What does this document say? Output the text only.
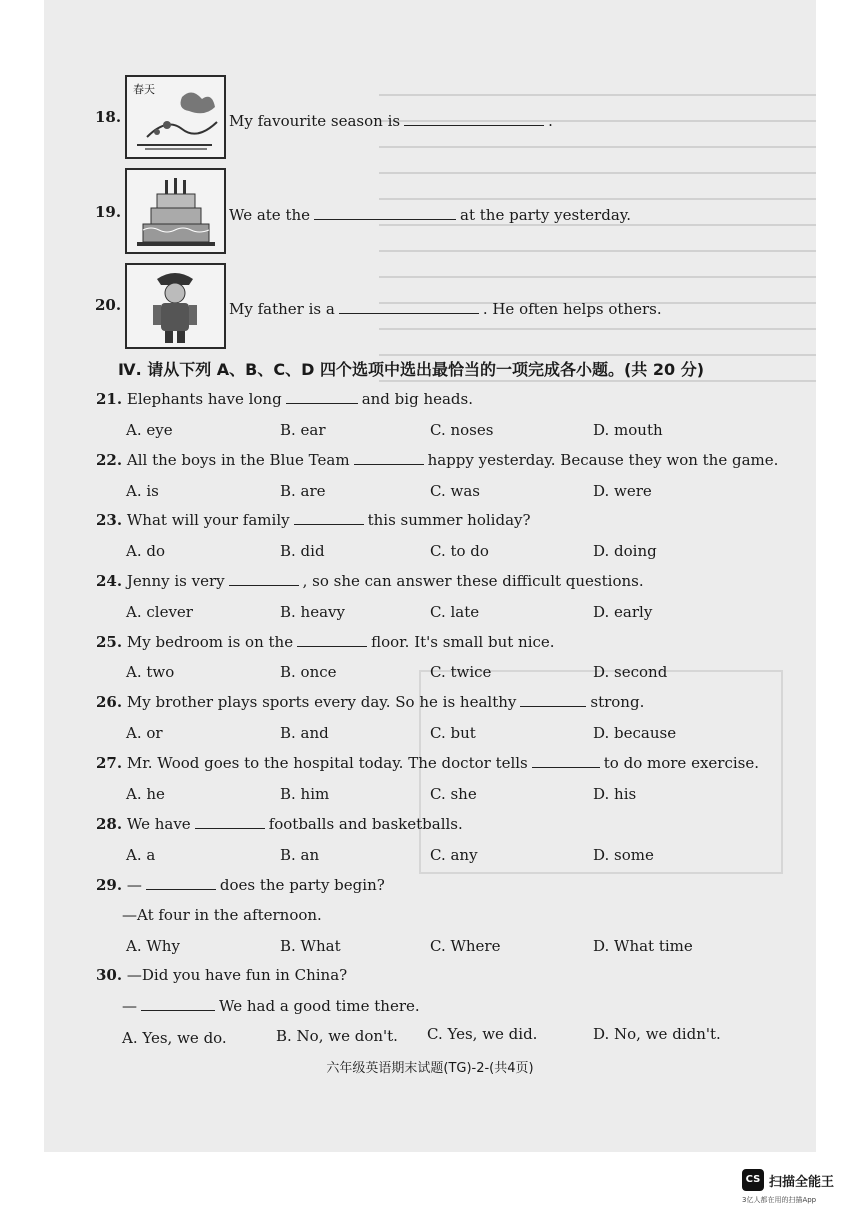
春天
18.	My favourite season is	.
19.	We ate the	at the party yesterday.
20.	My father is a	. He often helps others.
Ⅳ. 请从下列 A、B、C、D 四个选项中选出最恰当的一项完成各小题。(共 20 分)
21. Elephants have long	and big heads.
A. eye	B. ear	C. noses	D. mouth
22. All the boys in the Blue Team	happy yesterday. Because they won the game.
A. is	B. are	C. was	D. were
23. What will your family	this summer holiday?
A. do	B. did	C. to do	D. doing
24. Jenny is very	, so she can answer these difficult questions.
A. clever	B. heavy	C. late	D. early
25. My bedroom is on the	floor. It's small but nice.
A. two	B. once	C. twice	D. second
26. My brother plays sports every day. So he is healthy	strong.
A. or	B. and	C. but	D. because
27. Mr. Wood goes to the hospital today. The doctor tells	to do more exercise.
A. he	B. him	C. she	D. his
28. We have	footballs and basketballs.
A. a	B. an	C. any	D. some
29. —	does the party begin?
—At four in the afternoon.
A. Why	B. What	C. Where	D. What time
30. —Did you have fun in China?
—	We had a good time there.
A. Yes, we do.	B. No, we don't. C. Yes, we did.	D. No, we didn't.
六年级英语期末试题(TG)-2-(共4页)
CS 扫描全能王
3亿人都在用的扫描App
